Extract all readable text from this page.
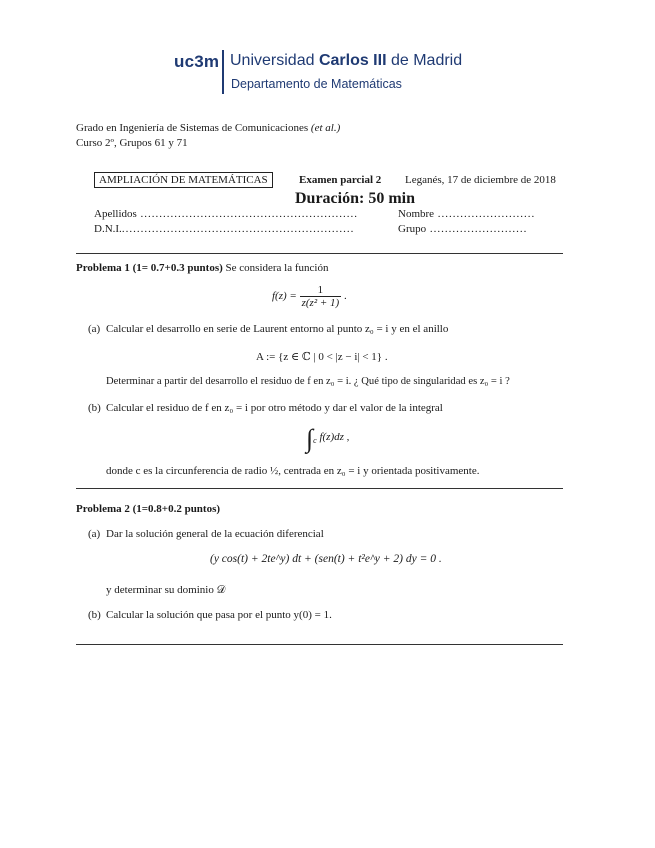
uc3m Universidad Carlos III de Madrid
Departamento de Matemáticas
Grado en Ingeniería de Sistemas de Comunicaciones (et al.)
Curso 2º, Grupos 61 y 71
AMPLIACIÓN DE MATEMÁTICAS	Examen parcial 2 Leganés, 17 de diciembre de 2018
Duración: 50 min
Apellidos ..........................................................	Nombre ..........................
D.N.I...............................................................	Grupo ..........................
Problema 1 (1= 0.7+0.3 puntos) Se considera la función
$f(z) = \frac{1}{\text{z(z² + 1)}}$ .
(a) Calcular el desarrollo en serie de Laurent entorno al punto z₀ = i y en el anillo
A := {z ∈ ℂ | 0 < |z − i| < 1} .
Determinar a partir del desarrollo el residuo de f en z₀ = i. ¿ Qué tipo de singularidad es z₀ = i ?
(b) Calcular el residuo de f en z₀ = i por otro método y dar el valor de la integral
$\int_c$ f(z)dz ,
donde c es la circunferencia de radio ½, centrada en z₀ = i y orientada positivamente.
Problema 2 (1=0.8+0.2 puntos)
(a) Dar la solución general de la ecuación diferencial
(y cos(t) + 2te^y) dt + (sen(t) + t²e^y + 2) dy = 0 .
y determinar su dominio 𝒟
(b) Calcular la solución que pasa por el punto y(0) = 1.
